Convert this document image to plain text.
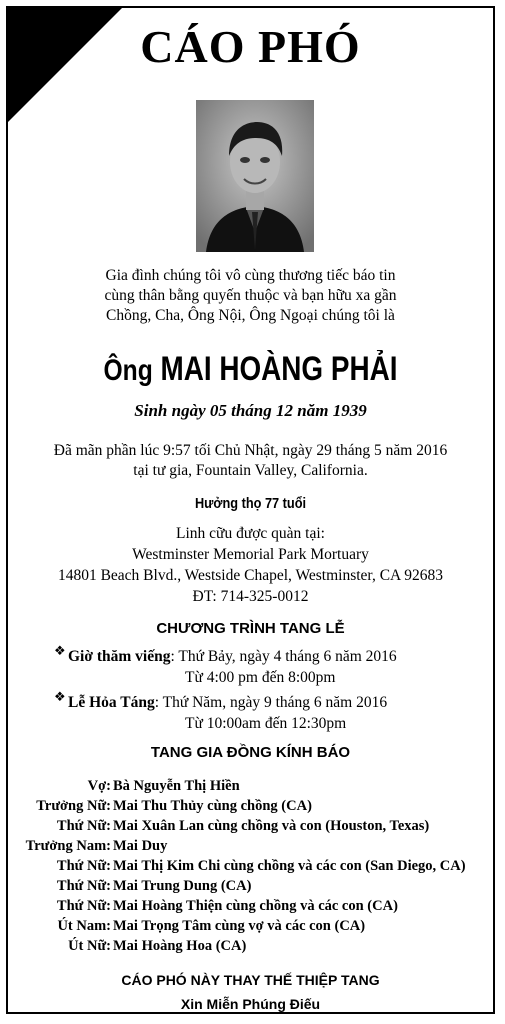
CÁO PHÓ
Gia đình chúng tôi vô cùng thương tiếc báo tin
cùng thân bằng quyến thuộc và bạn hữu xa gần
Chồng, Cha, Ông Nội, Ông Ngoại chúng tôi là
Ông MAI HOÀNG PHẢI
Sinh ngày 05 tháng 12 năm 1939
Đã mãn phần lúc 9:57 tối Chủ Nhật, ngày 29 tháng 5 năm 2016
tại tư gia, Fountain Valley, California.
Hưởng thọ 77 tuổi
Linh cữu được quàn tại:
Westminster Memorial Park Mortuary
14801 Beach Blvd., Westside Chapel, Westminster, CA 92683
ĐT: 714-325-0012
CHƯƠNG TRÌNH TANG LỄ
❖ Giờ thăm viếng: Thứ Bảy, ngày 4 tháng 6 năm 2016
Từ 4:00 pm đến 8:00pm
❖ Lễ Hỏa Táng: Thứ Năm, ngày 9 tháng 6 năm 2016
Từ 10:00am đến 12:30pm
TANG GIA ĐỒNG KÍNH BÁO
Vợ: Bà Nguyễn Thị Hiền
Trưởng Nữ: Mai Thu Thủy cùng chồng (CA)
Thứ Nữ: Mai Xuân Lan cùng chồng và con (Houston, Texas)
Trưởng Nam: Mai Duy
Thứ Nữ: Mai Thị Kim Chi cùng chồng và các con (San Diego, CA)
Thứ Nữ: Mai Trung Dung (CA)
Thứ Nữ: Mai Hoàng Thiện cùng chồng và các con (CA)
Út Nam: Mai Trọng Tâm cùng vợ và các con (CA)
Út Nữ: Mai Hoàng Hoa (CA)
CÁO PHÓ NÀY THAY THẾ THIỆP TANG
Xin Miễn Phúng Điếu
